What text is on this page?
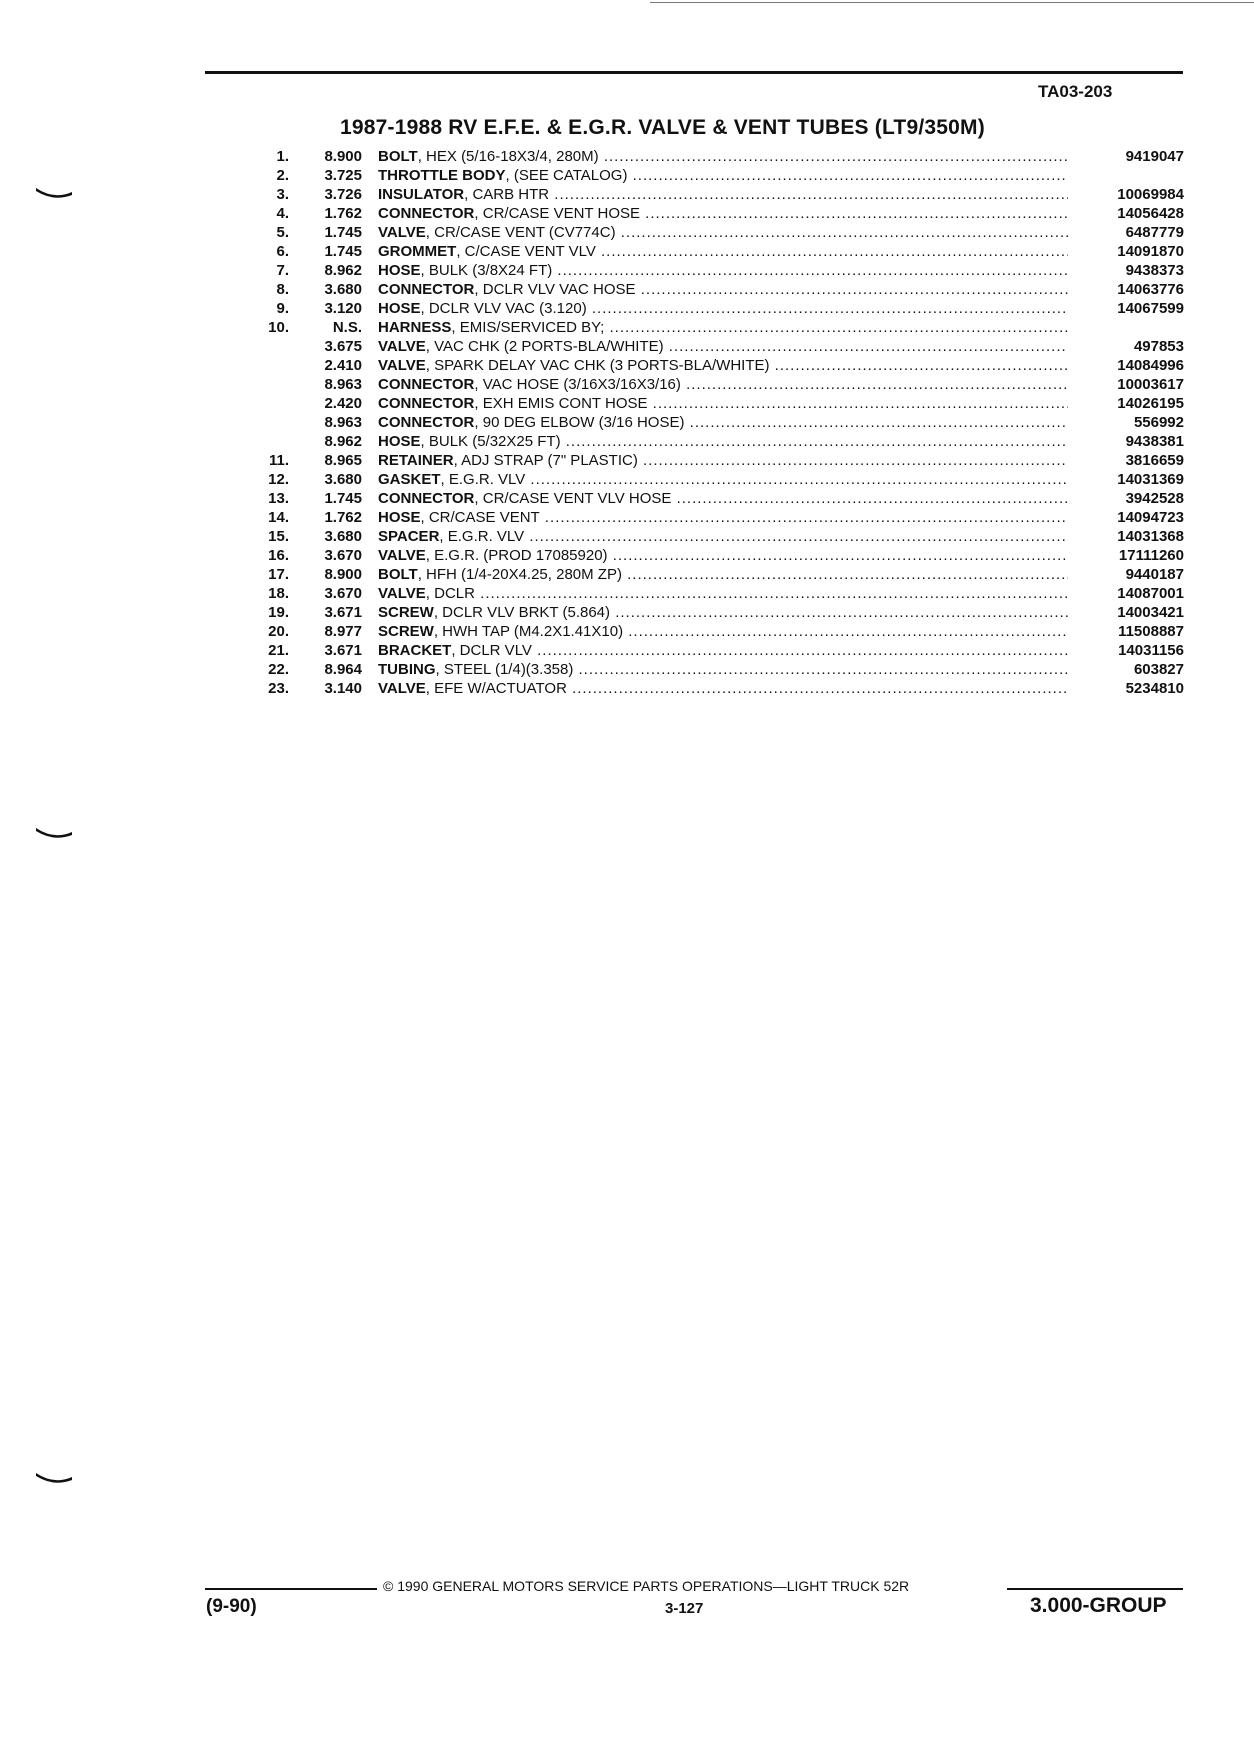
TA03-203
1987-1988 RV E.F.E. & E.G.R. VALVE & VENT TUBES (LT9/350M)
1.	8.900 BOLT, HEX (5/16-18X3/4, 280M) .....	9419047
2.	3.725 THROTTLE BODY, (SEE CATALOG) .....
3.	3.726 INSULATOR, CARB HTR .....	10069984
4.	1.762 CONNECTOR, CR/CASE VENT HOSE .....	14056428
5.	1.745 VALVE, CR/CASE VENT (CV774C) .....	6487779
6.	1.745 GROMMET, C/CASE VENT VLV .....	14091870
7.	8.962 HOSE, BULK (3/8X24 FT) .....	9438373
8.	3.680 CONNECTOR, DCLR VLV VAC HOSE .....	14063776
9.	3.120 HOSE, DCLR VLV VAC (3.120) .....	14067599
10.	N.S. HARNESS, EMIS/SERVICED BY; .....
3.675 VALVE, VAC CHK (2 PORTS-BLA/WHITE) .....	497853
2.410 VALVE, SPARK DELAY VAC CHK (3 PORTS-BLA/WHITE) .....	14084996
8.963 CONNECTOR, VAC HOSE (3/16X3/16X3/16) .....	10003617
2.420 CONNECTOR, EXH EMIS CONT HOSE .....	14026195
8.963 CONNECTOR, 90 DEG ELBOW (3/16 HOSE) .....	556992
8.962 HOSE, BULK (5/32X25 FT) .....	9438381
11.	8.965 RETAINER, ADJ STRAP (7" PLASTIC) .....	3816659
12.	3.680 GASKET, E.G.R. VLV .....	14031369
13.	1.745 CONNECTOR, CR/CASE VENT VLV HOSE .....	3942528
14.	1.762 HOSE, CR/CASE VENT .....	14094723
15.	3.680 SPACER, E.G.R. VLV .....	14031368
16.	3.670 VALVE, E.G.R. (PROD 17085920) .....	17111260
17.	8.900 BOLT, HFH (1/4-20X4.25, 280M ZP) .....	9440187
18.	3.670 VALVE, DCLR .....	14087001
19.	3.671 SCREW, DCLR VLV BRKT (5.864) .....	14003421
20.	8.977 SCREW, HWH TAP (M4.2X1.41X10) .....	11508887
21.	3.671 BRACKET, DCLR VLV .....	14031156
22.	8.964 TUBING, STEEL (1/4)(3.358) .....	603827
23.	3.140 VALVE, EFE W/ACTUATOR .....	5234810
© 1990 GENERAL MOTORS SERVICE PARTS OPERATIONS—LIGHT TRUCK 52R
(9-90)	3-127	3.000-GROUP
